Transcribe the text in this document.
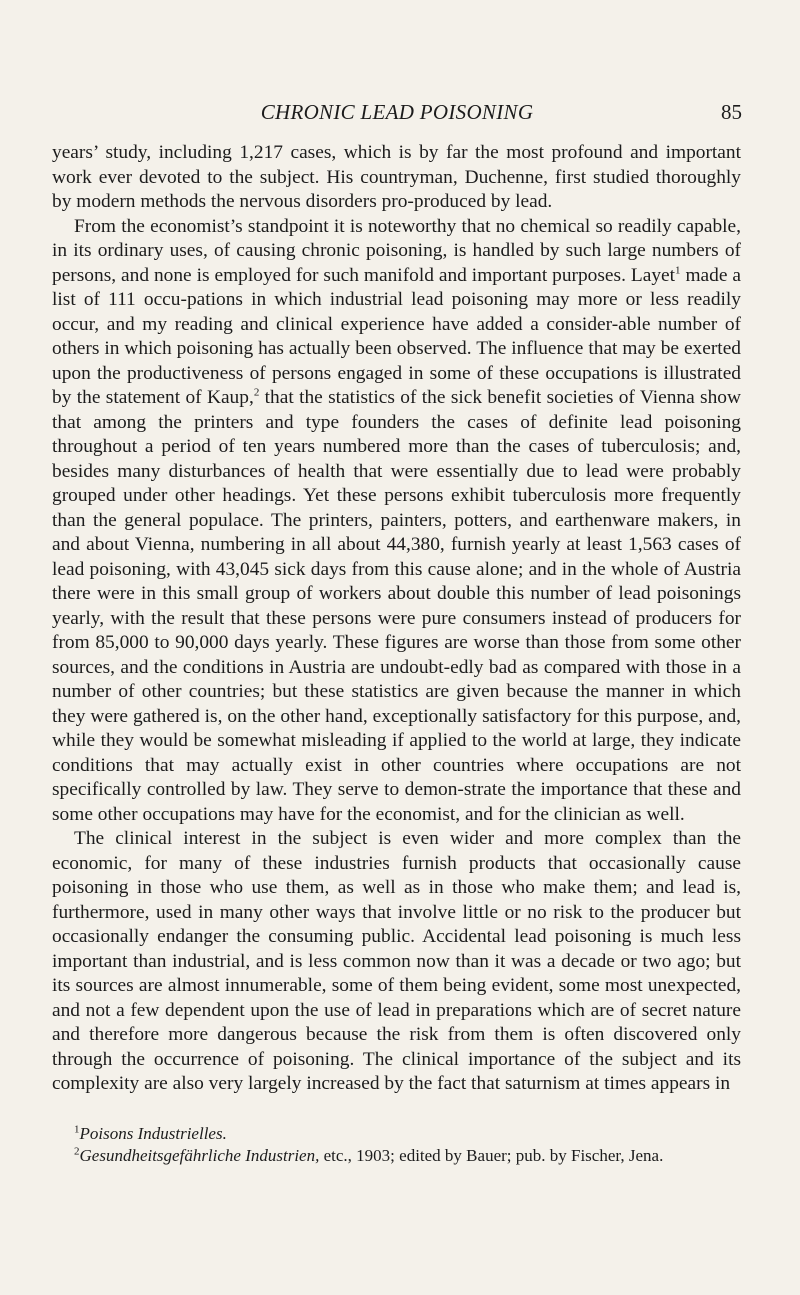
CHRONIC LEAD POISONING	85

years’ study, including 1,217 cases, which is by far the most profound and important work ever devoted to the subject. His countryman, Duchenne, first studied thoroughly by modern methods the nervous disorders pro-produced by lead.

From the economist’s standpoint it is noteworthy that no chemical so readily capable, in its ordinary uses, of causing chronic poisoning, is handled by such large numbers of persons, and none is employed for such manifold and important purposes. Layet$^1$ made a list of 111 occu-pations in which industrial lead poisoning may more or less readily occur, and my reading and clinical experience have added a consider-able number of others in which poisoning has actually been observed. The influence that may be exerted upon the productiveness of persons engaged in some of these occupations is illustrated by the statement of Kaup,$^2$ that the statistics of the sick benefit societies of Vienna show that among the printers and type founders the cases of definite lead poisoning throughout a period of ten years numbered more than the cases of tuberculosis; and, besides many disturbances of health that were essentially due to lead were probably grouped under other headings. Yet these persons exhibit tuberculosis more frequently than the general populace. The printers, painters, potters, and earthenware makers, in and about Vienna, numbering in all about 44,380, furnish yearly at least 1,563 cases of lead poisoning, with 43,045 sick days from this cause alone; and in the whole of Austria there were in this small group of workers about double this number of lead poisonings yearly, with the result that these persons were pure consumers instead of producers for from 85,000 to 90,000 days yearly. These figures are worse than those from some other sources, and the conditions in Austria are undoubt-edly bad as compared with those in a number of other countries; but these statistics are given because the manner in which they were gathered is, on the other hand, exceptionally satisfactory for this purpose, and, while they would be somewhat misleading if applied to the world at large, they indicate conditions that may actually exist in other countries where occupations are not specifically controlled by law. They serve to demon-strate the importance that these and some other occupations may have for the economist, and for the clinician as well.

The clinical interest in the subject is even wider and more complex than the economic, for many of these industries furnish products that occasionally cause poisoning in those who use them, as well as in those who make them; and lead is, furthermore, used in many other ways that involve little or no risk to the producer but occasionally endanger the consuming public. Accidental lead poisoning is much less important than industrial, and is less common now than it was a decade or two ago; but its sources are almost innumerable, some of them being evident, some most unexpected, and not a few dependent upon the use of lead in preparations which are of secret nature and therefore more dangerous because the risk from them is often discovered only through the occurrence of poisoning. The clinical importance of the subject and its complexity are also very largely increased by the fact that saturnism at times appears in

$^1$Poisons Industrielles.

$^2$Gesundheitsgefährliche Industrien, etc., 1903; edited by Bauer; pub. by Fischer, Jena.
